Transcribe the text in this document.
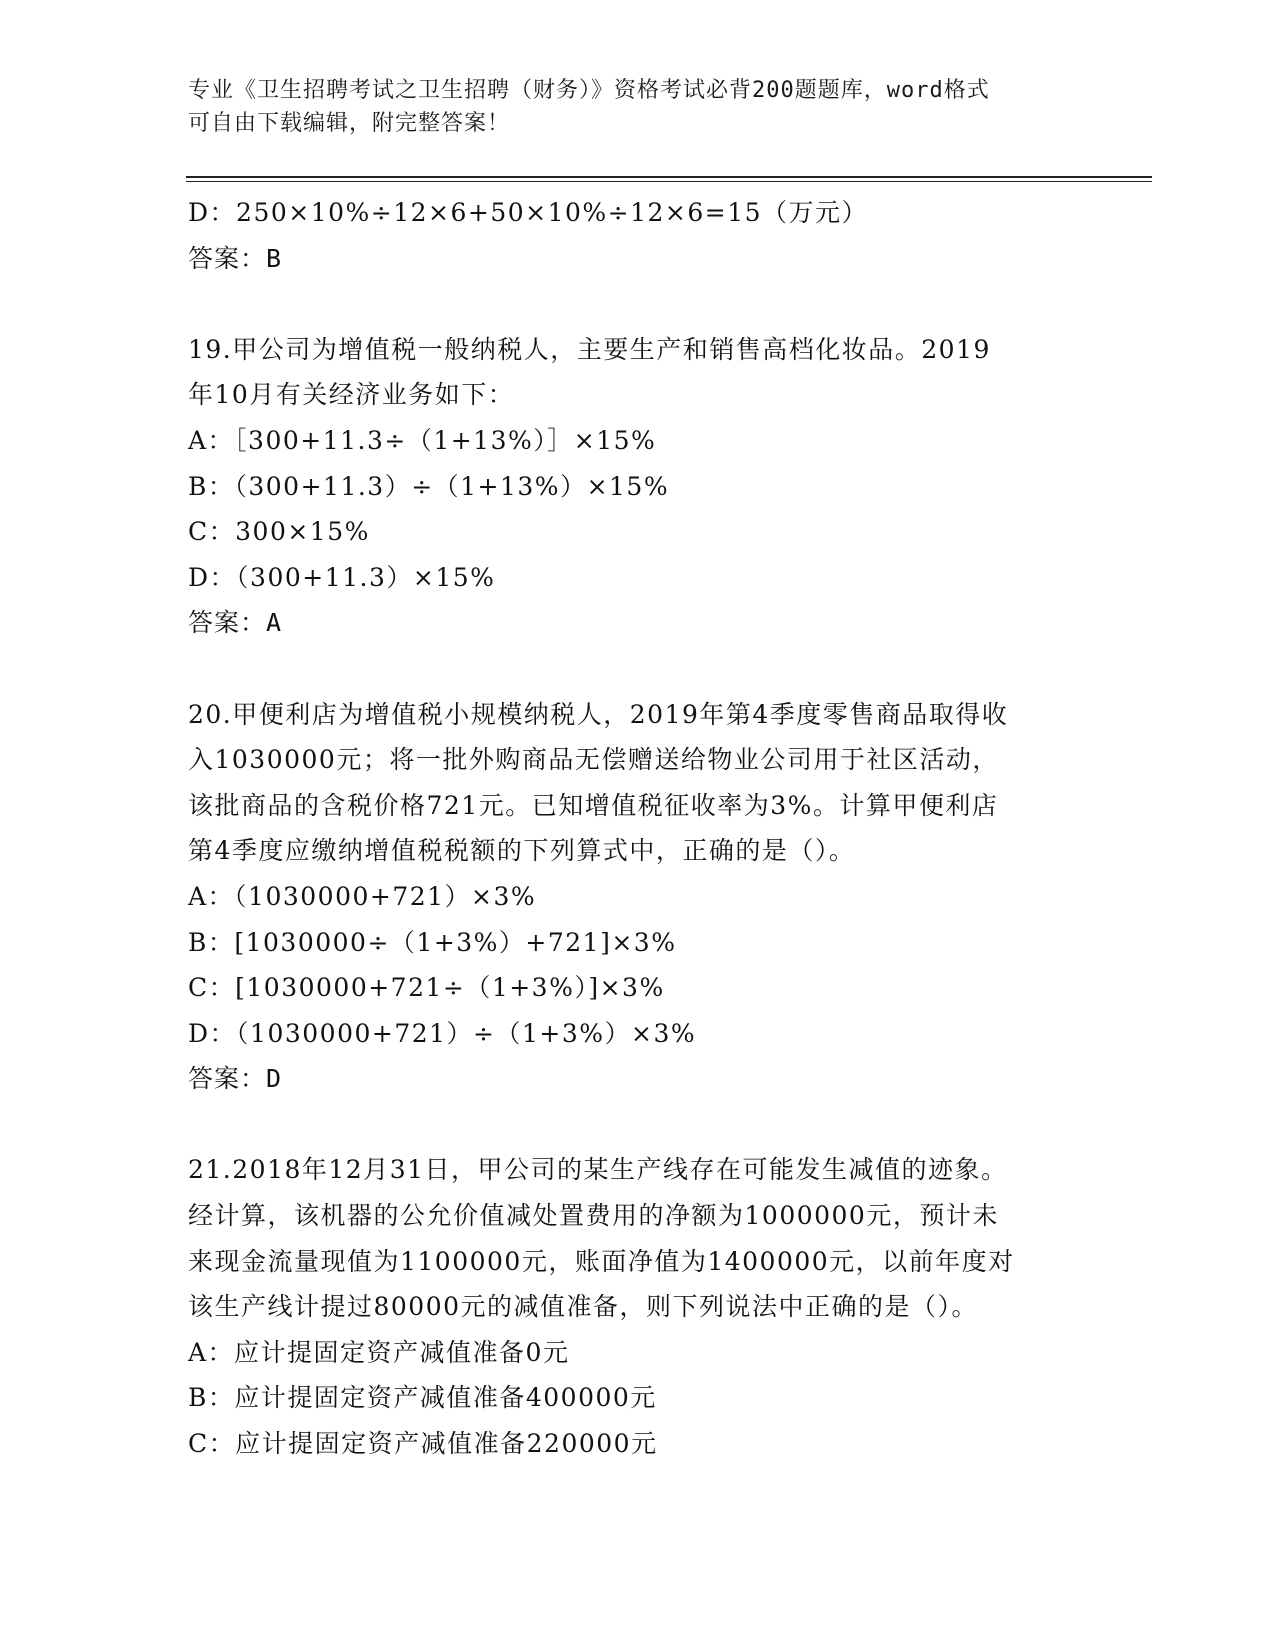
专业《卫生招聘考试之卫生招聘（财务）》资格考试必背200题题库，word格式
可自由下载编辑，附完整答案！

D：250×10%÷12×6+50×10%÷12×6=15（万元）

答案：B

19.甲公司为增值税一般纳税人，主要生产和销售高档化妆品。2019

年10月有关经济业务如下：

A：［300+11.3÷（1+13%）］×15%

B：（300+11.3）÷（1+13%）×15%

C：300×15%

D：（300+11.3）×15%

答案：A

20.甲便利店为增值税小规模纳税人，2019年第4季度零售商品取得收

入1030000元；将一批外购商品无偿赠送给物业公司用于社区活动，

该批商品的含税价格721元。已知增值税征收率为3%。计算甲便利店

第4季度应缴纳增值税税额的下列算式中，正确的是（）。

A：（1030000+721）×3%

B：[1030000÷（1+3%）+721]×3%

C：[1030000+721÷（1+3%）]×3%

D：（1030000+721）÷（1+3%）×3%

答案：D

21.2018年12月31日，甲公司的某生产线存在可能发生减值的迹象。

经计算，该机器的公允价值减处置费用的净额为1000000元，预计未

来现金流量现值为1100000元，账面净值为1400000元，以前年度对

该生产线计提过80000元的减值准备，则下列说法中正确的是（）。

A：应计提固定资产减值准备0元

B：应计提固定资产减值准备400000元

C：应计提固定资产减值准备220000元
